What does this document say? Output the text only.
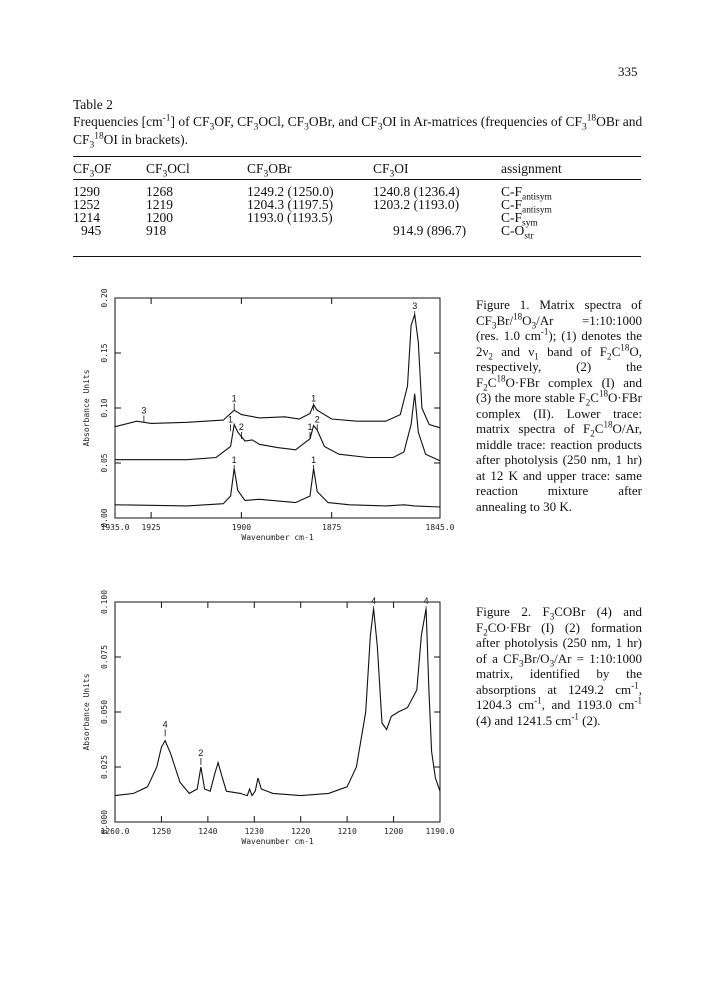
335
Table 2
Frequencies $[cm^{-1}]$ of $CF_3OF$, $CF_3OCl$, $CF_3OBr$, and $CF_3OI$ in Ar-matrices (frequencies of $CF_3^{18}OBr$ and $CF_3^{18}OI$ in brackets).
$CF_3OF$	$CF_3OCl$	$CF_3OBr$	$CF_3OI$	assignment

1290	1268	1249.2 (1250.0)	1240.8 (1236.4)	$C-F_{antisym}$
1252	1219	1204.3 (1197.5)	1203.2 (1193.0)	$C-F_{antisym}$
1214	1200	1193.0 (1193.5)		$C-F_{sym}$
945	918		914.9 (896.7)	$C-O_{str}$
1935.0 1925	1900	1875	1845.0
0.00
0.05
0.10
0.15
0.20
Wavenumber cm-1
Absorbance Units
3
3
1	1
1
2	1
2
1	1
Figure 1. Matrix spectra of $CF_3Br/^{18}O_3/Ar$ =1:10:1000 (res. 1.0 $cm^{-1}$); (1) denotes the $2\nu_2$ and $\nu_1$ band of $F_2C^{18}O$, respectively, (2) the $F_2C^{18}O\cdot FBr$ complex (I) and (3) the more stable $F_2C^{18}O\cdot FBr$ complex (II). Lower trace: matrix spectra of $F_2C^{18}O/Ar$, middle trace: reaction products after photolysis (250 nm, 1 hr) at 12 K and upper trace: same reaction mixture after annealing to 30 K.
1260.0	1250	1240	1230	1220	1210	1200	1190.0
0.000
0.025
0.050
0.075
0.100
Wavenumber cm-1
Absorbance Units	4
2
4	4
Figure 2. $F_3COBr$ (4) and $F_2CO\cdot FBr$ (I) (2) formation after photolysis (250 nm, 1 hr) of a $CF_3Br/O_3/Ar$ = 1:10:1000 matrix, identified by the absorptions at 1249.2 $cm^{-1}$, 1204.3 $cm^{-1}$, and 1193.0 $cm^{-1}$ (4) and 1241.5 $cm^{-1}$ (2).
